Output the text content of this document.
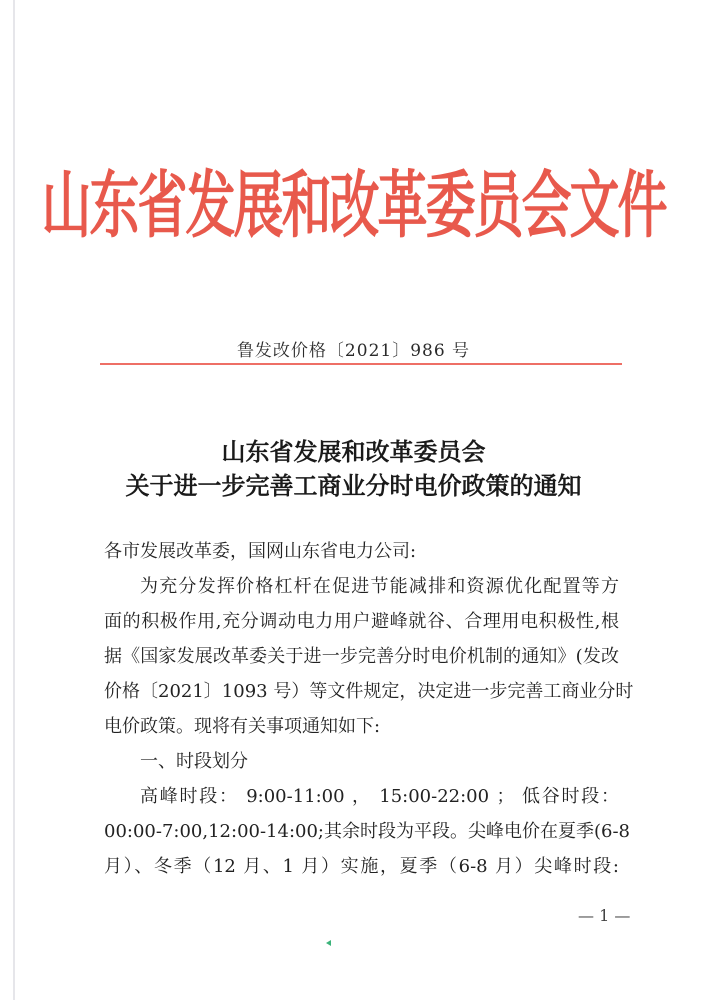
山东省发展和改革委员会文件
鲁发改价格〔2021〕986 号
山东省发展和改革委员会
关于进一步完善工商业分时电价政策的通知
各市发展改革委，国网山东省电力公司:
为充分发挥价格杠杆在促进节能减排和资源优化配置等方
面的积极作用,充分调动电力用户避峰就谷、合理用电积极性,根
据《国家发展改革委关于进一步完善分时电价机制的通知》(发改
价格〔2021〕1093 号）等文件规定，决定进一步完善工商业分时
电价政策。现将有关事项通知如下:
一、时段划分
高峰时段： 9:00-11:00 ， 15:00-22:00 ； 低谷时段：
00:00-7:00,12:00-14:00;其余时段为平段。尖峰电价在夏季(6-8
月）、冬季（12 月、1 月）实施，夏季（6-8 月）尖峰时段:
— 1 —
